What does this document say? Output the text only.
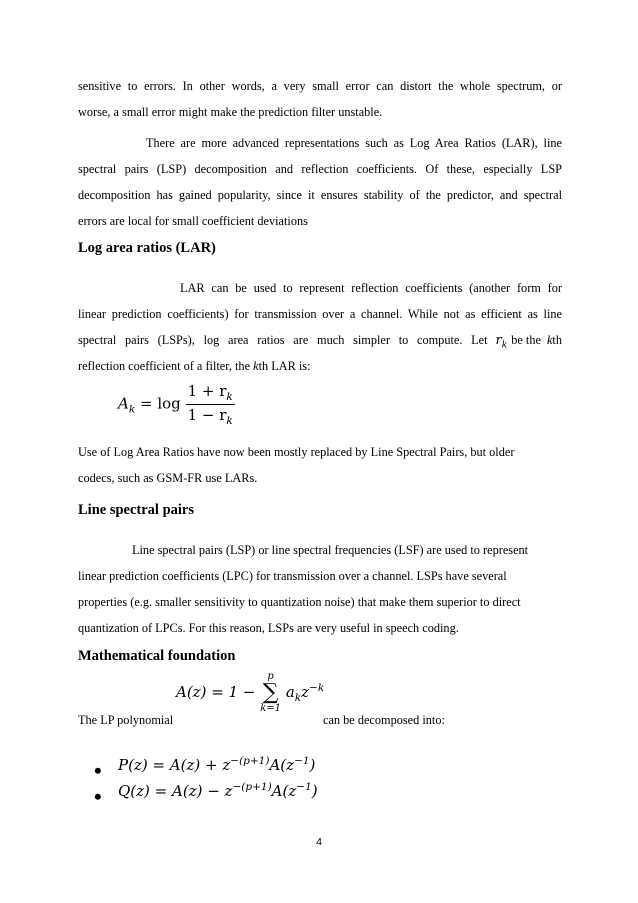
sensitive to errors. In other words, a very small error can distort the whole spectrum, or
worse, a small error might make the prediction filter unstable.
There are more advanced representations such as Log Area Ratios (LAR), line
spectral pairs (LSP) decomposition and reflection coefficients. Of these, especially LSP
decomposition has gained popularity, since it ensures stability of the predictor, and spectral
errors are local for small coefficient deviations
Log area ratios (LAR)
LAR can be used to represent reflection coefficients (another form for
linear prediction coefficients) for transmission over a channel. While not as efficient as line
spectral pairs (LSPs), log area ratios are much simpler to compute. Let $r_k$ be the kth
reflection coefficient of a filter, the kth LAR is:
$A_k = \log \frac{1 + r_k}{1 - r_k}$
Use of Log Area Ratios have now been mostly replaced by Line Spectral Pairs, but older
codecs, such as GSM-FR use LARs.
Line spectral pairs
Line spectral pairs (LSP) or line spectral frequencies (LSF) are used to represent
linear prediction coefficients (LPC) for transmission over a channel. LSPs have several
properties (e.g. smaller sensitivity to quantization noise) that make them superior to direct
quantization of LPCs. For this reason, LSPs are very useful in speech coding.
Mathematical foundation
The LP polynomial
A(z) = 1 −
p
∑
k=1
$a_kz^{-k}$
can be decomposed into:
• $P(z) = A(z) + z^{-(p+1)}A(z^{-1})$
• $Q(z) = A(z) - z^{-(p+1)}A(z^{-1})$
4
